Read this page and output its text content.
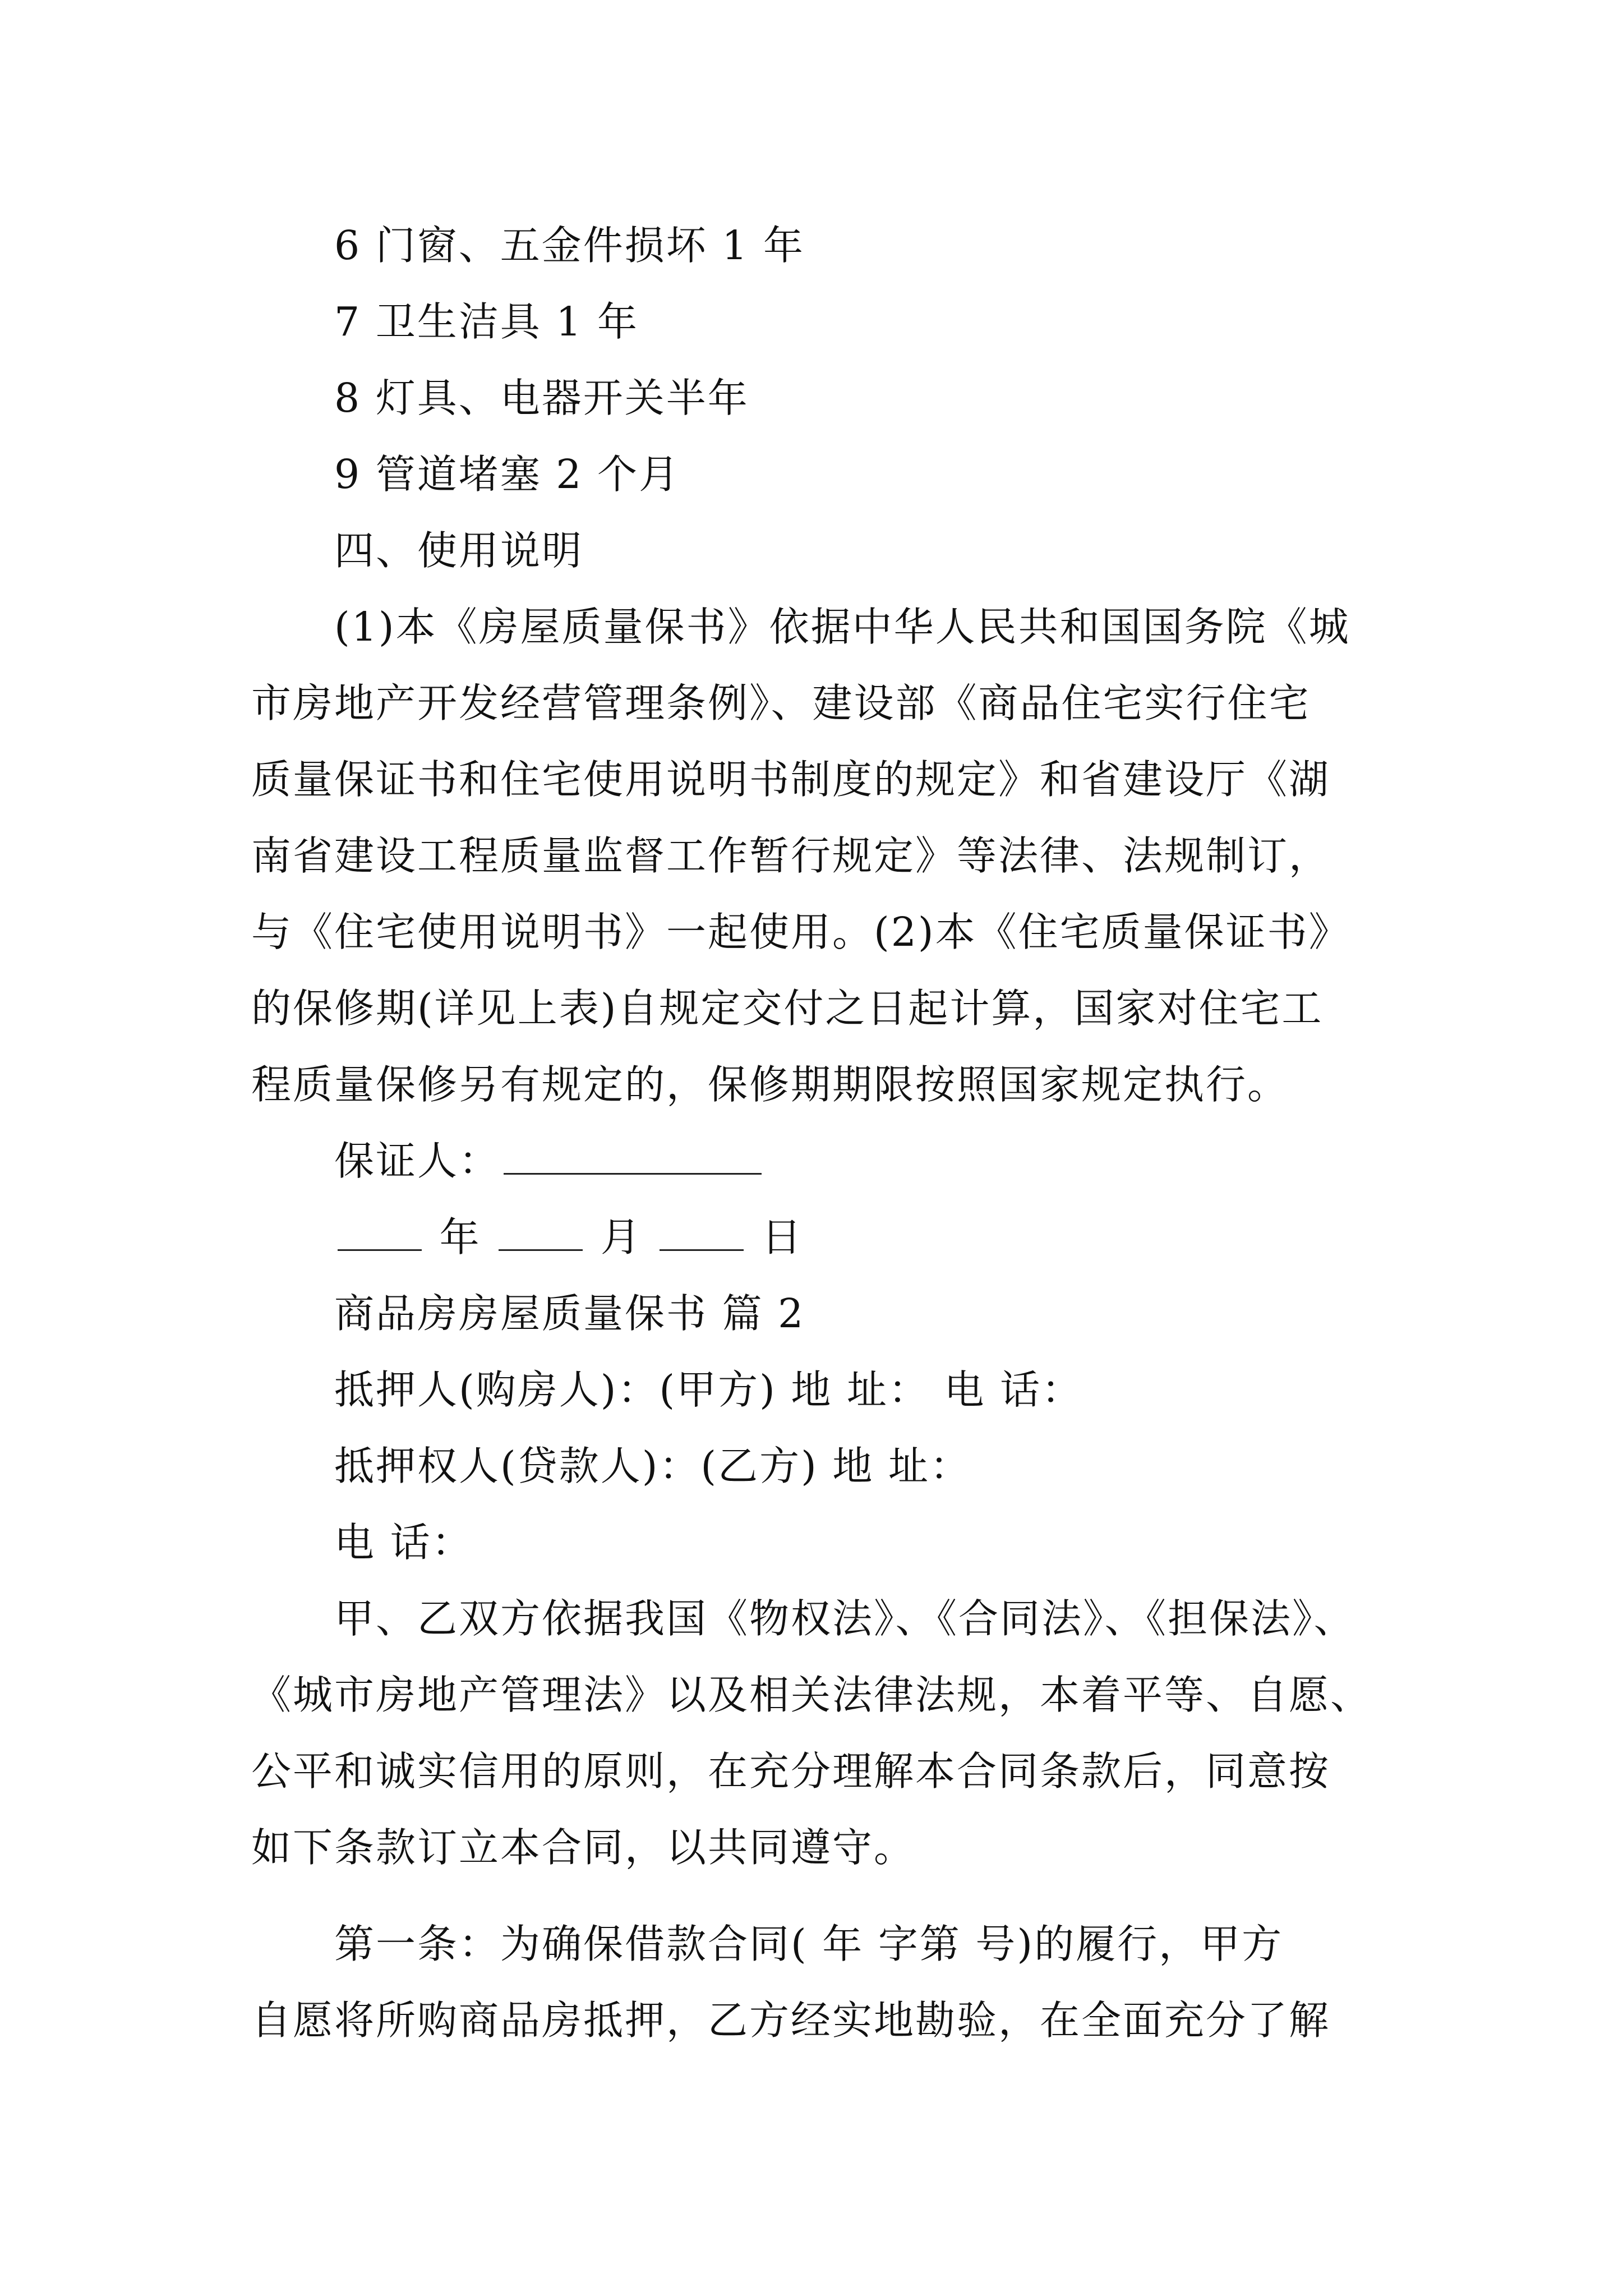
6 门窗、五金件损坏 1 年
7 卫生洁具 1 年
8 灯具、电器开关半年
9 管道堵塞 2 个月
四、使用说明
(1)本《房屋质量保书》依据中华人民共和国国务院《城
市房地产开发经营管理条例》、建设部《商品住宅实行住宅
质量保证书和住宅使用说明书制度的规定》和省建设厅《湖
南省建设工程质量监督工作暂行规定》等法律、法规制订，
与《住宅使用说明书》一起使用。(2)本《住宅质量保证书》
的保修期(详见上表)自规定交付之日起计算，国家对住宅工
程质量保修另有规定的，保修期期限按照国家规定执行。
保证人：
年	月	日
商品房房屋质量保书 篇 2
抵押人(购房人)：(甲方) 地 址： 电 话：
抵押权人(贷款人)：(乙方) 地 址：
电 话：
甲、乙双方依据我国《物权法》、《合同法》、《担保法》、
《城市房地产管理法》以及相关法律法规，本着平等、自愿、
公平和诚实信用的原则，在充分理解本合同条款后，同意按
如下条款订立本合同，以共同遵守。
第一条：为确保借款合同( 年 字第 号)的履行，甲方
自愿将所购商品房抵押，乙方经实地勘验，在全面充分了解
